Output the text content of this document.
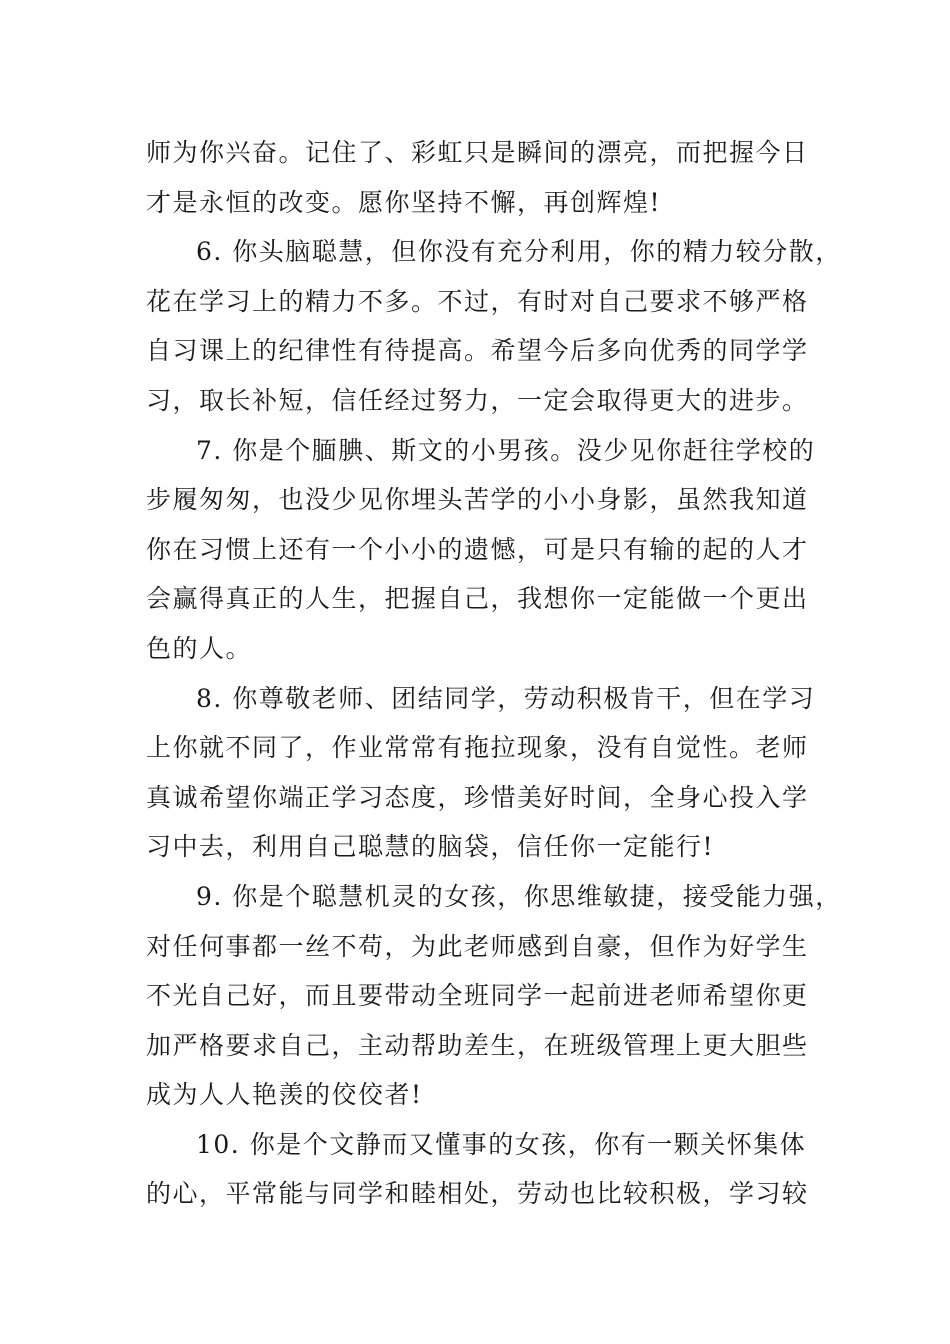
师为你兴奋。记住了、彩虹只是瞬间的漂亮，而把握今日
才是永恒的改变。愿你坚持不懈，再创辉煌!
6. 你头脑聪慧，但你没有充分利用，你的精力较分散，
花在学习上的精力不多。不过，有时对自己要求不够严格
自习课上的纪律性有待提高。希望今后多向优秀的同学学
习，取长补短，信任经过努力，一定会取得更大的进步。
7. 你是个腼腆、斯文的小男孩。没少见你赶往学校的
步履匆匆，也没少见你埋头苦学的小小身影，虽然我知道
你在习惯上还有一个小小的遗憾，可是只有输的起的人才
会赢得真正的人生，把握自己，我想你一定能做一个更出
色的人。
8. 你尊敬老师、团结同学，劳动积极肯干，但在学习
上你就不同了，作业常常有拖拉现象，没有自觉性。老师
真诚希望你端正学习态度，珍惜美好时间，全身心投入学
习中去，利用自己聪慧的脑袋，信任你一定能行!
9. 你是个聪慧机灵的女孩，你思维敏捷，接受能力强，
对任何事都一丝不苟，为此老师感到自豪，但作为好学生
不光自己好，而且要带动全班同学一起前进老师希望你更
加严格要求自己，主动帮助差生，在班级管理上更大胆些
成为人人艳羡的佼佼者!
10. 你是个文静而又懂事的女孩，你有一颗关怀集体
的心，平常能与同学和睦相处，劳动也比较积极，学习较
